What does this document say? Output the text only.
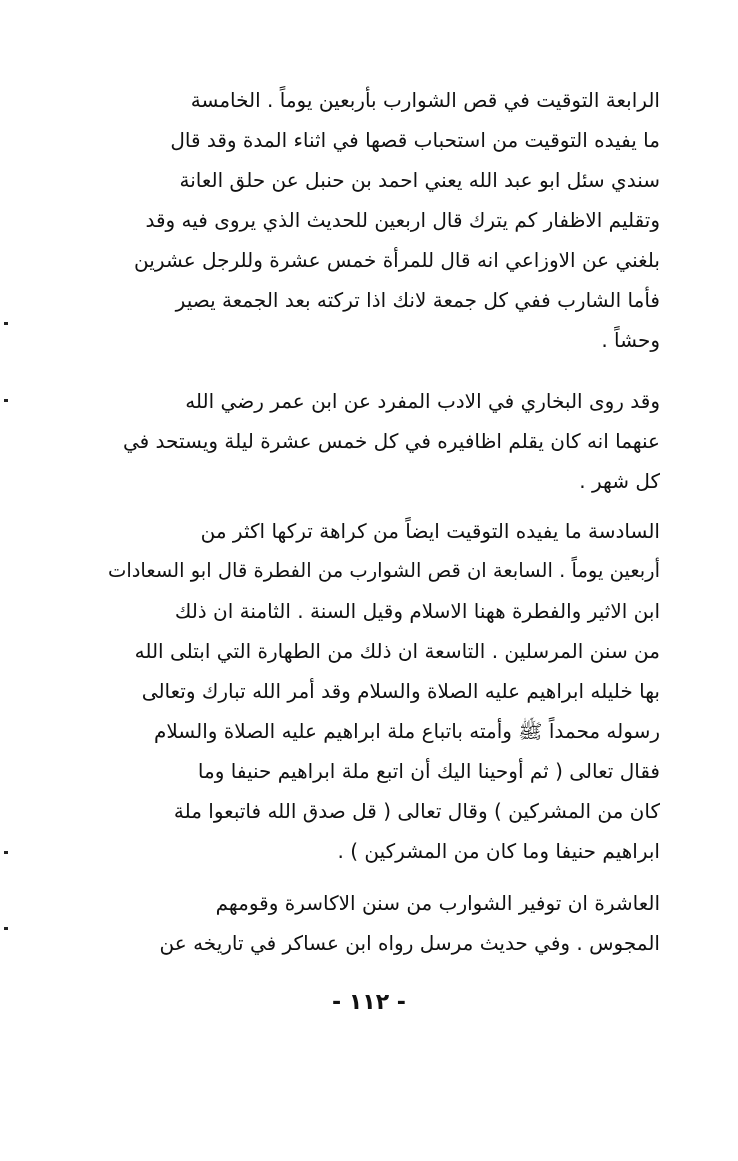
الرابعة التوقيت في قص الشوارب بأربعين يوماً . الخامسة
ما يفيده التوقيت من استحباب قصها في اثناء المدة وقد قال
سندي سئل ابو عبد الله يعني احمد بن حنبل عن حلق العانة
وتقليم الاظفار كم يترك قال اربعين للحديث الذي يروى فيه وقد
بلغني عن الاوزاعي انه قال للمرأة خمس عشرة وللرجل عشرين
فأما الشارب ففي كل جمعة لانك اذا تركته بعد الجمعة يصير
وحشاً .
وقد روى البخاري في الادب المفرد عن ابن عمر رضي الله
عنهما انه كان يقلم اظافيره في كل خمس عشرة ليلة ويستحد في
كل شهر .
السادسة ما يفيده التوقيت ايضاً من كراهة تركها اكثر من
أربعين يوماً . السابعة ان قص الشوارب من الفطرة قال ابو السعادات
ابن الاثير والفطرة ههنا الاسلام وقيل السنة . الثامنة ان ذلك
من سنن المرسلين . التاسعة ان ذلك من الطهارة التي ابتلى الله
بها خليله ابراهيم عليه الصلاة والسلام وقد أمر الله تبارك وتعالى
رسوله محمداً ﷺ وأمته باتباع ملة ابراهيم عليه الصلاة والسلام
فقال تعالى ( ثم أوحينا اليك أن اتبع ملة ابراهيم حنيفا وما
كان من المشركين ) وقال تعالى ( قل صدق الله فاتبعوا ملة
ابراهيم حنيفا وما كان من المشركين ) .
العاشرة ان توفير الشوارب من سنن الاكاسرة وقومهم
المجوس . وفي حديث مرسل رواه ابن عساكر في تاريخه عن
- ١١٢ -
